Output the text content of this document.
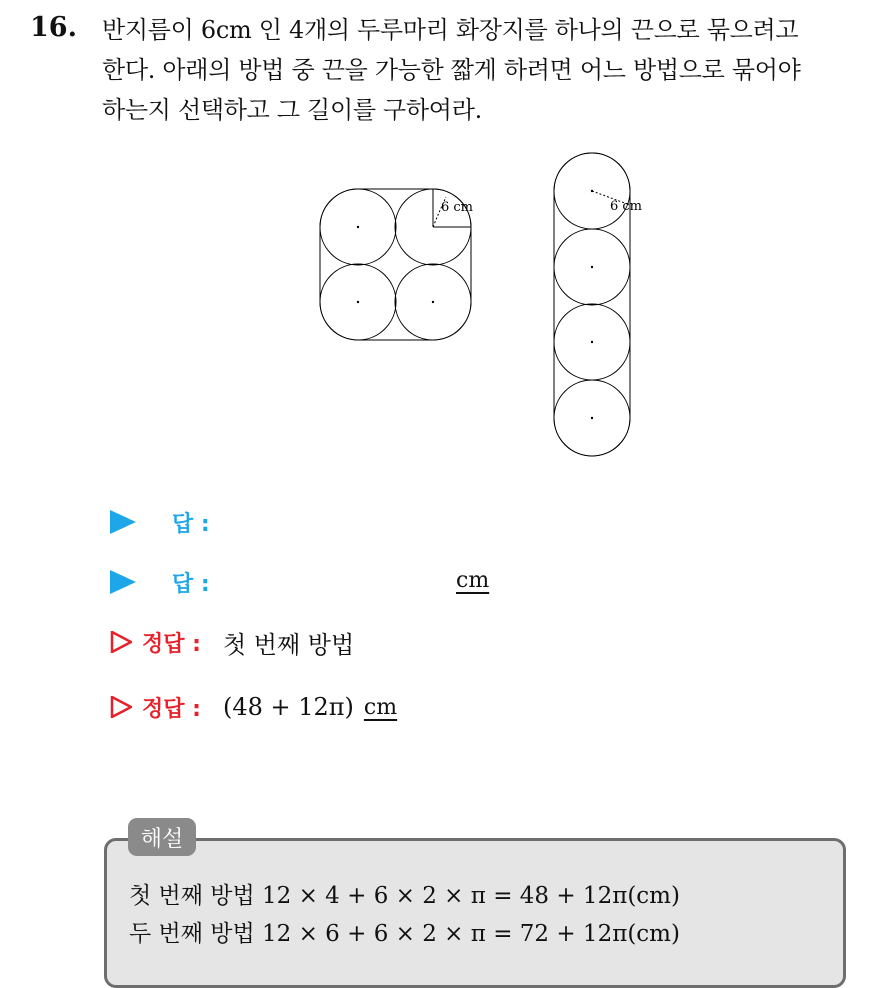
16. 반지름이 6cm 인 4개의 두루마리 화장지를 하나의 끈으로 묶으려고

한다. 아래의 방법 중 끈을 가능한 짧게 하려면 어느 방법으로 묶어야

하는지 선택하고 그 길이를 구하여라.

6 cm	6 cm
답 :
답 :	cm
정답 : 첫 번째 방법
정답 : (48 + 12π) cm
해설
첫 번째 방법 12 × 4 + 6 × 2 × π = 48 + 12π(cm)
두 번째 방법 12 × 6 + 6 × 2 × π = 72 + 12π(cm)
